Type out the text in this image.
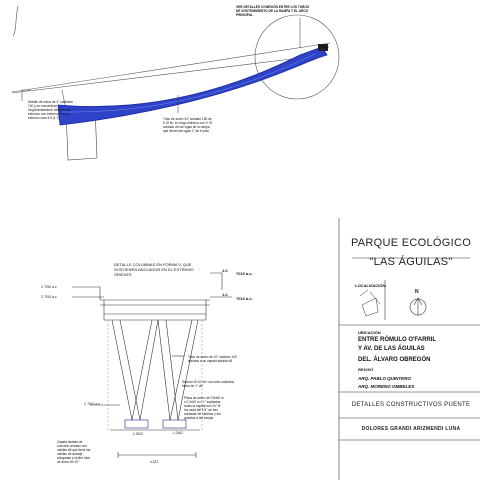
VER DETALLES CONEXIÓN ENTRE LOS TUBOS
DE SOSTENIMIENTO DE LA RAMPA Y EL ARCO
PRINCIPAL
Detalle de tubos de 4" soldados
100 y se encuentran
longitudinalmente del extremo
betónico con extremos en su
extremo cara 4.5 (1.7)	Tubo de acero 24" soldado 150 de
fl. Ø fin. en largo extremo con 4" Ø
soldado de las vigas de la rampa
que llevan las vigas 1" de el pisu
1.50 m
DETALLE COLUMNAS EN FORMA V. QUE
SOSTIENEN ANCLADOR EN EL EXTREMO
ORIENTE
C 7010 a.c.
C 7010 a.c.
C 7010 a.c.
1.0
7010 a.c.
1.2
7010 a.c.
Tubo de acero de 10" soldado 140
anclado a un zapata aislada #8
Sección Ø 10 cm² con tubo soldados,
tubos de 1" dd
Placa de acero de 0.64x0 m
x 0.2x00 m x 1" sujetadas
todas la zapata con 2V' Ø
los cada del 1/4" de bes
soldadas de cartelas y las
granitas a las zanjas
Zapata aislada de
concreto armado con
varillas #8 que tiene las
varillas de anclaje
ahogadas y recibe tubo
de acero de 10"
-1.0022	-1.0162
4.322
PARQUE ECOLÓGICO
"LAS ÁGUILAS"
LOCALIZACIÓN:
N
UBICACIÓN
ENTRE RÓMULO O'FARRIL
Y AV. DE LAS ÁGUILAS
DEL. ÁLVARO OBREGÓN
REVISÓ
ARQ. PABLO QUINTERO
ARQ. MORENO OMBELES
DETALLES CONSTRUCTIVOS PUENTE
DOLORES GRANDI ARIZMENDI LUNA
